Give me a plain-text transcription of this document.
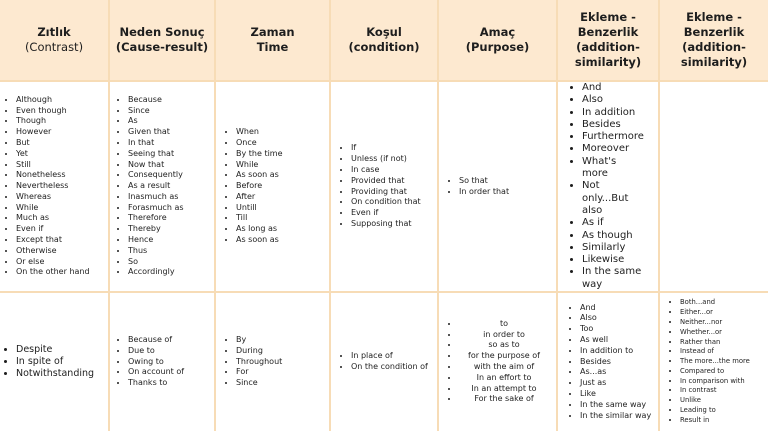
Zıtlık
(Contrast)
• Although
• Even though
• Though
• However
• But
• Yet
• Still
• Nonetheless
• Nevertheless
• Whereas
• While
• Much as
• Even if
• Except that
• Otherwise
• Or else
• On the other hand
• Despite
• In spite of
• Notwithstanding
Neden Sonuç
(Cause-result)
• Because
• Since
• As
• Given that
• In that
• Seeing that
• Now that
• Consequently
• As a result
• Inasmuch as
• Forasmuch as
• Therefore
• Thereby
• Hence
• Thus
• So
• Accordingly
• Because of
• Due to
• Owing to
• On account of
• Thanks to
Zaman
Time
• When
• Once
• By the time
• While
• As soon as
• Before
• After
• Untill
• Till
• As long as
• As soon as
• By
• During
• Throughout
• For
• Since
Koşul
(condition)
• If
• Unless (if not)
• In case
• Provided that
• Providing that
• On condition that
• Even if
• Supposing that
• In place of
• On the condition of
Amaç
(Purpose)
• So that
• In order that
• to
• in order to
• so as to
• for the purpose of
• with the aim of
• In an effort to
• In an attempt to
• For the sake of
Ekleme -
Benzerlik
(addition-
similarity)
• And
• Also
• In addition
• Besides
• Furthermore
• Moreover
• What's more
• Not only...But also
• As if
• As though
• Similarly
• Likewise
• In the same way
• And
• Also
• Too
• As well
• In addition to
• Besides
• As...as
• Just as
• Like
• In the same way
• In the similar way
Ekleme -
Benzerlik
(addition-
similarity)
• Both...and
• Either...or
• Neither...nor
• Whether...or
• Rather than
• Instead of
• The more...the more
• Compared to
• In comparison with
• In contrast
• Unlike
• Leading to
• Result in
